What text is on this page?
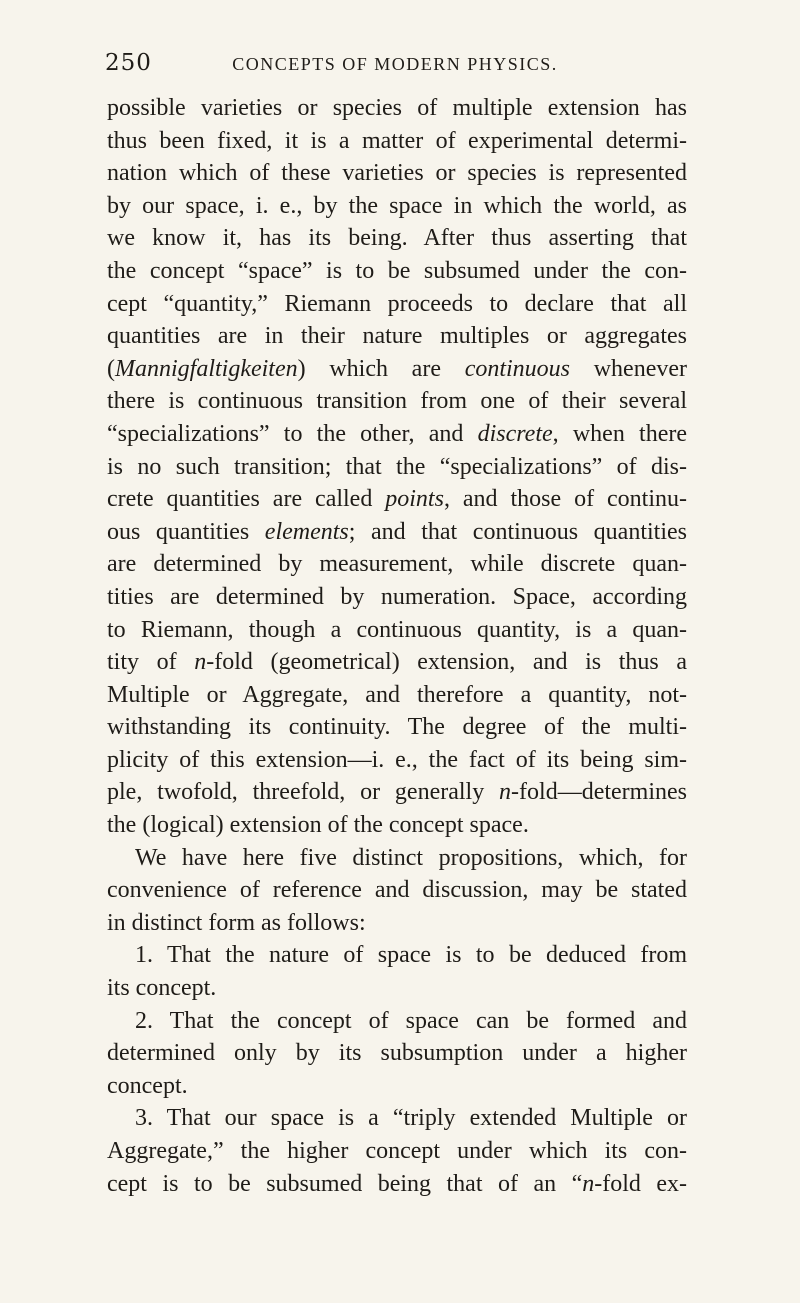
250	CONCEPTS OF MODERN PHYSICS.
possible varieties or species of multiple extension has
thus been fixed, it is a matter of experimental determi-
nation which of these varieties or species is represented
by our space, i. e., by the space in which the world, as
we know it, has its being. After thus asserting that
the concept “space” is to be subsumed under the con-
cept “quantity,” Riemann proceeds to declare that all
quantities are in their nature multiples or aggregates
(Mannigfaltigkeiten) which are continuous whenever
there is continuous transition from one of their several
“specializations” to the other, and discrete, when there
is no such transition; that the “specializations” of dis-
crete quantities are called points, and those of continu-
ous quantities elements; and that continuous quantities
are determined by measurement, while discrete quan-
tities are determined by numeration. Space, according
to Riemann, though a continuous quantity, is a quan-
tity of n-fold (geometrical) extension, and is thus a
Multiple or Aggregate, and therefore a quantity, not-
withstanding its continuity. The degree of the multi-
plicity of this extension—i. e., the fact of its being sim-
ple, twofold, threefold, or generally n-fold—determines
the (logical) extension of the concept space.
We have here five distinct propositions, which, for
convenience of reference and discussion, may be stated
in distinct form as follows:
1. That the nature of space is to be deduced from
its concept.
2. That the concept of space can be formed and
determined only by its subsumption under a higher
concept.
3. That our space is a “triply extended Multiple or
Aggregate,” the higher concept under which its con-
cept is to be subsumed being that of an “n-fold ex-
